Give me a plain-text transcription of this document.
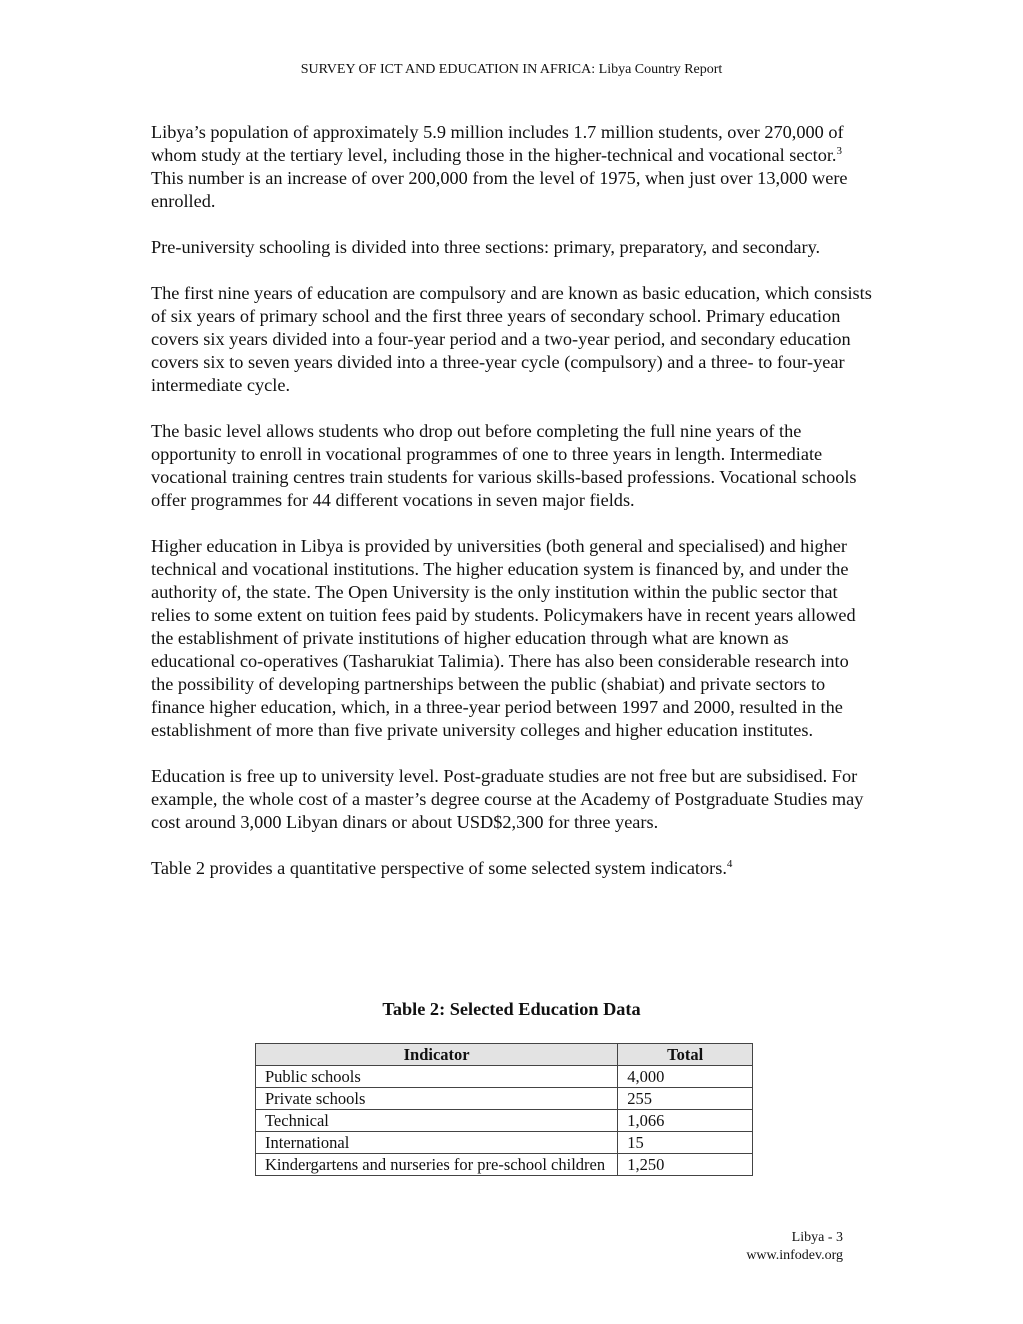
SURVEY OF ICT AND EDUCATION IN AFRICA: Libya Country Report

Libya’s population of approximately 5.9 million includes 1.7 million students, over 270,000 of whom study at the tertiary level, including those in the higher-technical and vocational sector.$^3$ This number is an increase of over 200,000 from the level of 1975, when just over 13,000 were enrolled.

Pre-university schooling is divided into three sections: primary, preparatory, and secondary.

The first nine years of education are compulsory and are known as basic education, which consists of six years of primary school and the first three years of secondary school. Primary education covers six years divided into a four-year period and a two-year period, and secondary education covers six to seven years divided into a three-year cycle (compulsory) and a three- to four-year intermediate cycle.

The basic level allows students who drop out before completing the full nine years of the opportunity to enroll in vocational programmes of one to three years in length. Intermediate vocational training centres train students for various skills-based professions. Vocational schools offer programmes for 44 different vocations in seven major fields.

Higher education in Libya is provided by universities (both general and specialised) and higher technical and vocational institutions. The higher education system is financed by, and under the authority of, the state. The Open University is the only institution within the public sector that relies to some extent on tuition fees paid by students. Policymakers have in recent years allowed the establishment of private institutions of higher education through what are known as educational co-operatives (Tasharukiat Talimia). There has also been considerable research into the possibility of developing partnerships between the public (shabiat) and private sectors to finance higher education, which, in a three-year period between 1997 and 2000, resulted in the establishment of more than five private university colleges and higher education institutes.

Education is free up to university level. Post-graduate studies are not free but are subsidised. For example, the whole cost of a master’s degree course at the Academy of Postgraduate Studies may cost around 3,000 Libyan dinars or about USD$2,300 for three years.

Table 2 provides a quantitative perspective of some selected system indicators.$^4$

Table 2: Selected Education Data
Indicator	Total
Public schools	4,000
Private schools	255
Technical	1,066
International	15
Kindergartens and nurseries for pre-school children	1,250
Libya - 3
www.infodev.org
